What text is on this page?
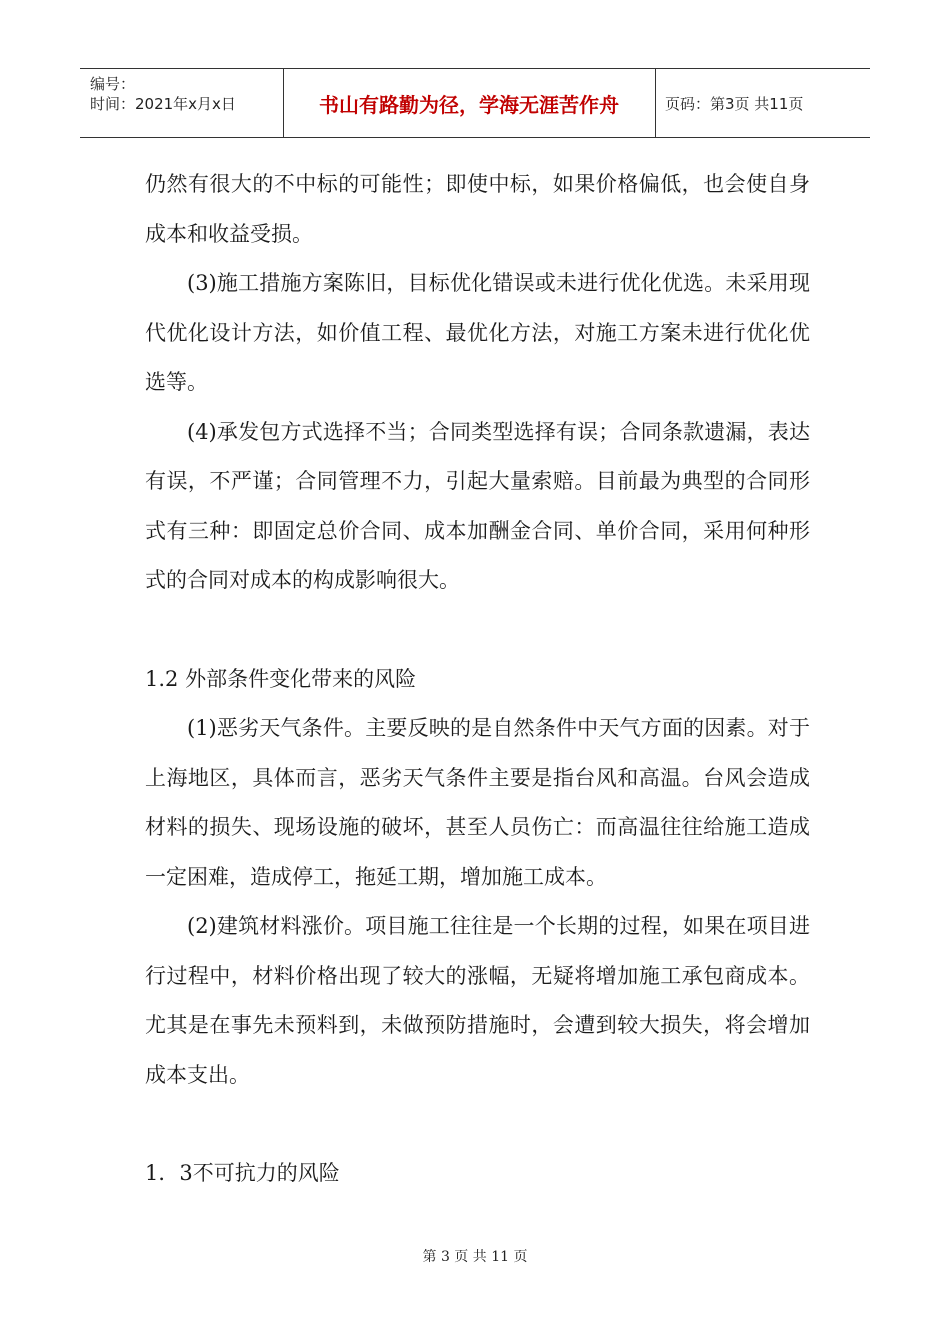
编号：
时间：2021年x月x日	书山有路勤为径，学海无涯苦作舟	页码：第3页 共11页

仍然有很大的不中标的可能性；即使中标，如果价格偏低，也会使自身成本和收益受损。

(3)施工措施方案陈旧，目标优化错误或未进行优化优选。未采用现代优化设计方法，如价值工程、最优化方法，对施工方案未进行优化优选等。

(4)承发包方式选择不当；合同类型选择有误；合同条款遗漏，表达有误，不严谨；合同管理不力，引起大量索赔。目前最为典型的合同形式有三种：即固定总价合同、成本加酬金合同、单价合同，采用何种形式的合同对成本的构成影响很大。

1.2 外部条件变化带来的风险

(1)恶劣天气条件。主要反映的是自然条件中天气方面的因素。对于上海地区，具体而言，恶劣天气条件主要是指台风和高温。台风会造成材料的损失、现场设施的破坏，甚至人员伤亡：而高温往往给施工造成一定困难，造成停工，拖延工期，增加施工成本。

(2)建筑材料涨价。项目施工往往是一个长期的过程，如果在项目进行过程中，材料价格出现了较大的涨幅，无疑将增加施工承包商成本。尤其是在事先未预料到，未做预防措施时，会遭到较大损失，将会增加成本支出。

1．3不可抗力的风险

第 3 页 共 11 页
